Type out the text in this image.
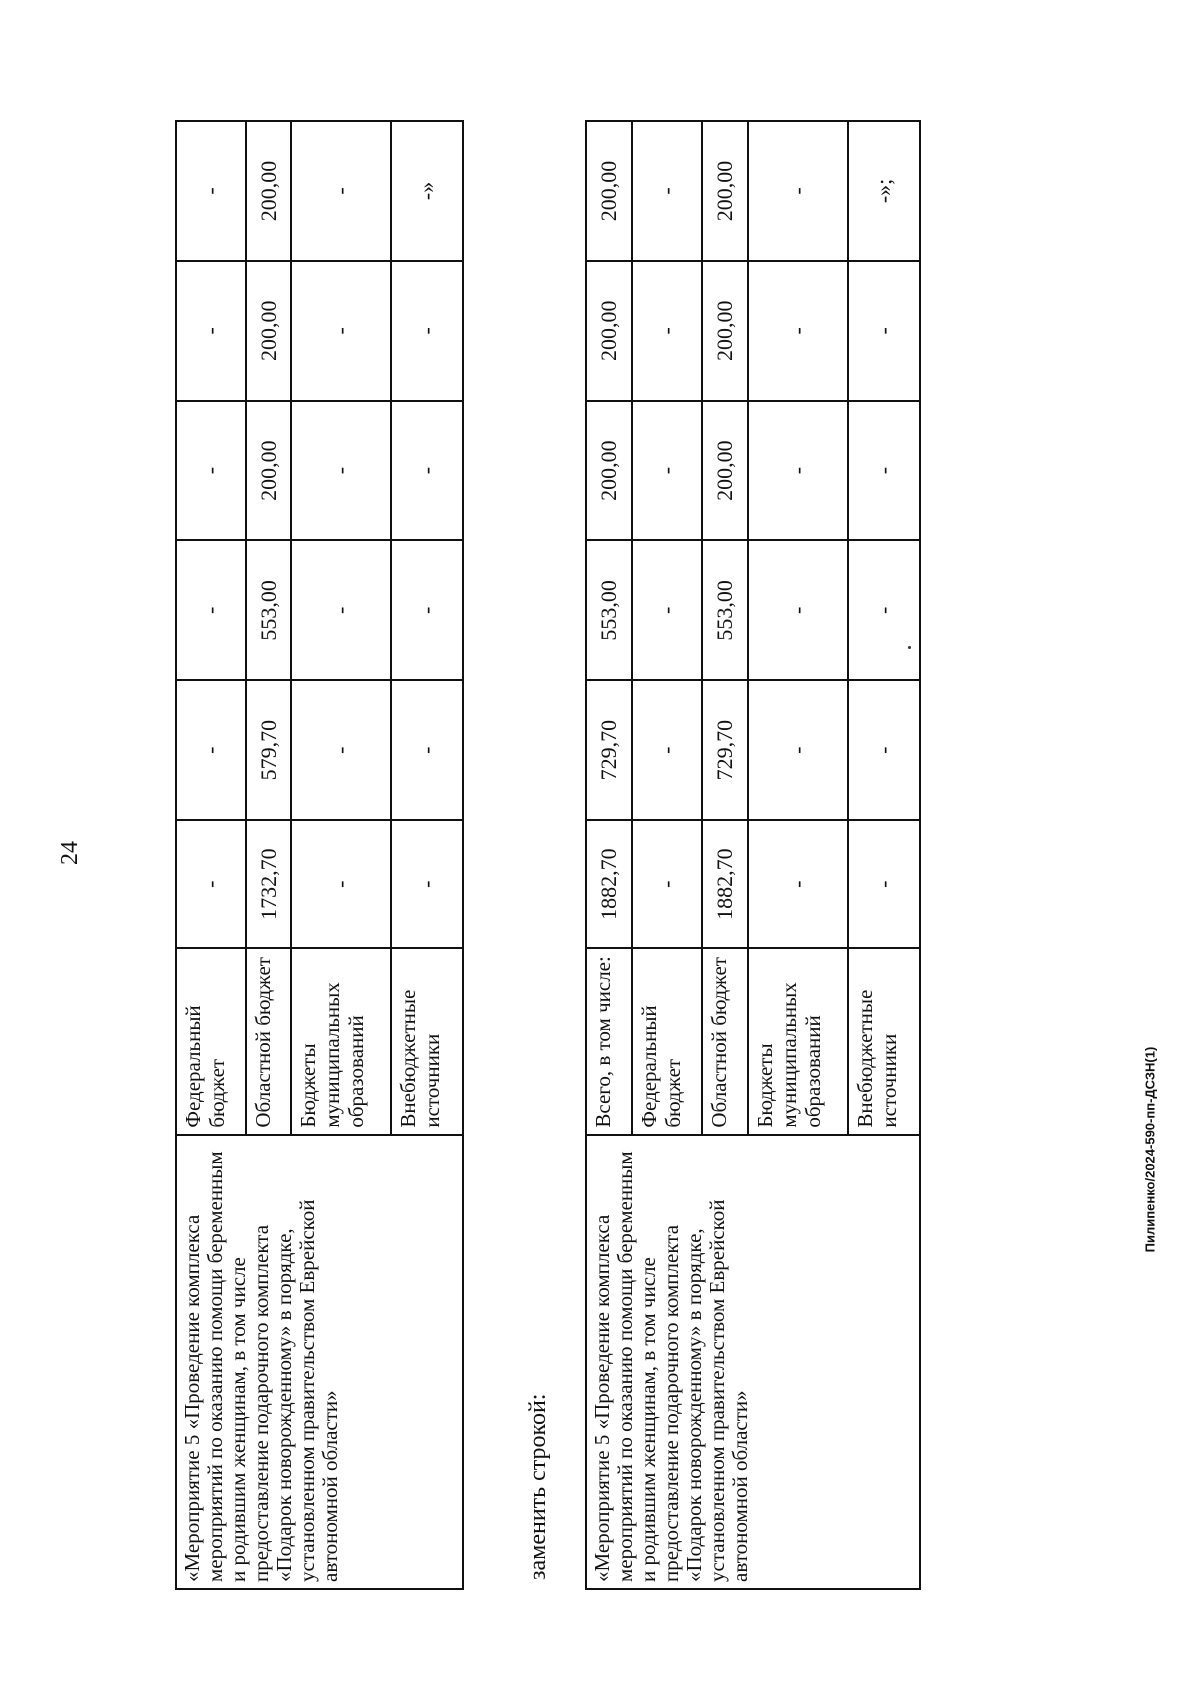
24
«Мероприятие 5 «Проведение комплекса мероприятий по оказанию помощи беременным и родившим женщинам, в том числе предоставление подарочного комплекта «Подарок новорожденному» в порядке, установленном правительством Еврейской автономной области»	Федеральный бюджет	-	-	-	-	-	-
	Областной бюджет	1732,70	579,70	553,00	200,00	200,00	200,00
	Бюджеты муниципальных образований	-	-	-	-	-	-
	Внебюджетные источники	-	-	-	-	-	-»
заменить строкой: «Мероприятие 5 «Проведение комплекса мероприятий по оказанию помощи беременным и родившим женщинам, в том числе предоставление подарочного комплекта «Подарок новорожденному» в порядке, установленном правительством Еврейской автономной области»	Всего, в том числе:	1882,70	729,70	553,00	200,00	200,00	200,00
	Федеральный бюджет	-	-	-	-	-	-
	Областной бюджет	1882,70	729,70	553,00	200,00	200,00	200,00
	Бюджеты муниципальных образований	-	-	-	-	-	-
	Внебюджетные источники	-	-	-	-	-	-»;
Пилипенко/2024-590-пп-ДСЗН(1)
